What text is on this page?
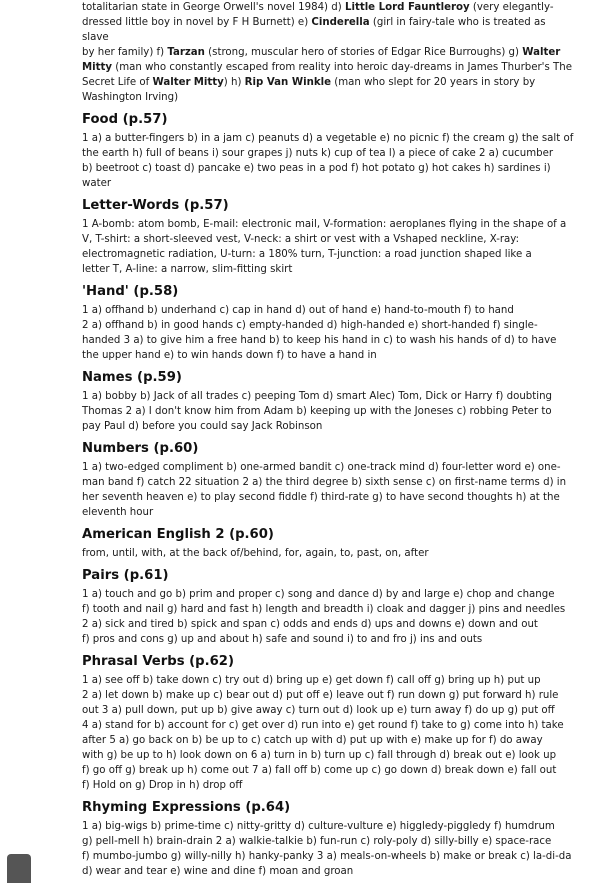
totalitarian state in George Orwell's novel 1984) d) Little Lord Fauntleroy (very elegantly-
dressed little boy in novel by F H Burnett) e) Cinderella (girl in fairy-tale who is treated as slave
by her family) f) Tarzan (strong, muscular hero of stories of Edgar Rice Burroughs) g) Walter
Mitty (man who constantly escaped from reality into heroic day-dreams in James Thurber's The
Secret Life of Walter Mitty) h) Rip Van Winkle (man who slept for 20 years in story by
Washington Irving)
Food (p.57)

1 a) a butter-fingers b) in a jam c) peanuts d) a vegetable e) no picnic f) the cream g) the salt of
the earth h) full of beans i) sour grapes j) nuts k) cup of tea l) a piece of cake 2 a) cucumber
b) beetroot c) toast d) pancake e) two peas in a pod f) hot potato g) hot cakes h) sardines i) water

Letter-Words (p.57)

1 A-bomb: atom bomb, E-mail: electronic mail, V-formation: aeroplanes flying in the shape of a
V, T-shirt: a short-sleeved vest, V-neck: a shirt or vest with a Vshaped neckline, X-ray:
electromagnetic radiation, U-turn: a 180% turn, T-junction: a road junction shaped like a
letter T, A-line: a narrow, slim-fitting skirt

'Hand' (p.58)

1 a) offhand b) underhand c) cap in hand d) out of hand e) hand-to-mouth f) to hand
2 a) offhand b) in good hands c) empty-handed d) high-handed e) short-handed f) single-
handed 3 a) to give him a free hand b) to keep his hand in c) to wash his hands of d) to have
the upper hand e) to win hands down f) to have a hand in

Names (p.59)

1 a) bobby b) Jack of all trades c) peeping Tom d) smart Alec) Tom, Dick or Harry f) doubting
Thomas 2 a) I don't know him from Adam b) keeping up with the Joneses c) robbing Peter to
pay Paul d) before you could say Jack Robinson

Numbers (p.60)

1 a) two-edged compliment b) one-armed bandit c) one-track mind d) four-letter word e) one-
man band f) catch 22 situation 2 a) the third degree b) sixth sense c) on first-name terms d) in
her seventh heaven e) to play second fiddle f) third-rate g) to have second thoughts h) at the
eleventh hour

American English 2 (p.60)

from, until, with, at the back of/behind, for, again, to, past, on, after

Pairs (p.61)

1 a) touch and go b) prim and proper c) song and dance d) by and large e) chop and change
f) tooth and nail g) hard and fast h) length and breadth i) cloak and dagger j) pins and needles
2 a) sick and tired b) spick and span c) odds and ends d) ups and downs e) down and out
f) pros and cons g) up and about h) safe and sound i) to and fro j) ins and outs

Phrasal Verbs (p.62)

1 a) see off b) take down c) try out d) bring up e) get down f) call off g) bring up h) put up
2 a) let down b) make up c) bear out d) put off e) leave out f) run down g) put forward h) rule
out 3 a) pull down, put up b) give away c) turn out d) look up e) turn away f) do up g) put off
4 a) stand for b) account for c) get over d) run into e) get round f) take to g) come into h) take
after 5 a) go back on b) be up to c) catch up with d) put up with e) make up for f) do away
with g) be up to h) look down on 6 a) turn in b) turn up c) fall through d) break out e) look up
f) go off g) break up h) come out 7 a) fall off b) come up c) go down d) break down e) fall out
f) Hold on g) Drop in h) drop off

Rhyming Expressions (p.64)

1 a) big-wigs b) prime-time c) nitty-gritty d) culture-vulture e) higgledy-piggledy f) humdrum
g) pell-mell h) brain-drain 2 a) walkie-talkie b) fun-run c) roly-poly d) silly-billy e) space-race
f) mumbo-jumbo g) willy-nilly h) hanky-panky 3 a) meals-on-wheels b) make or break c) la-di-da
d) wear and tear e) wine and dine f) moan and groan
